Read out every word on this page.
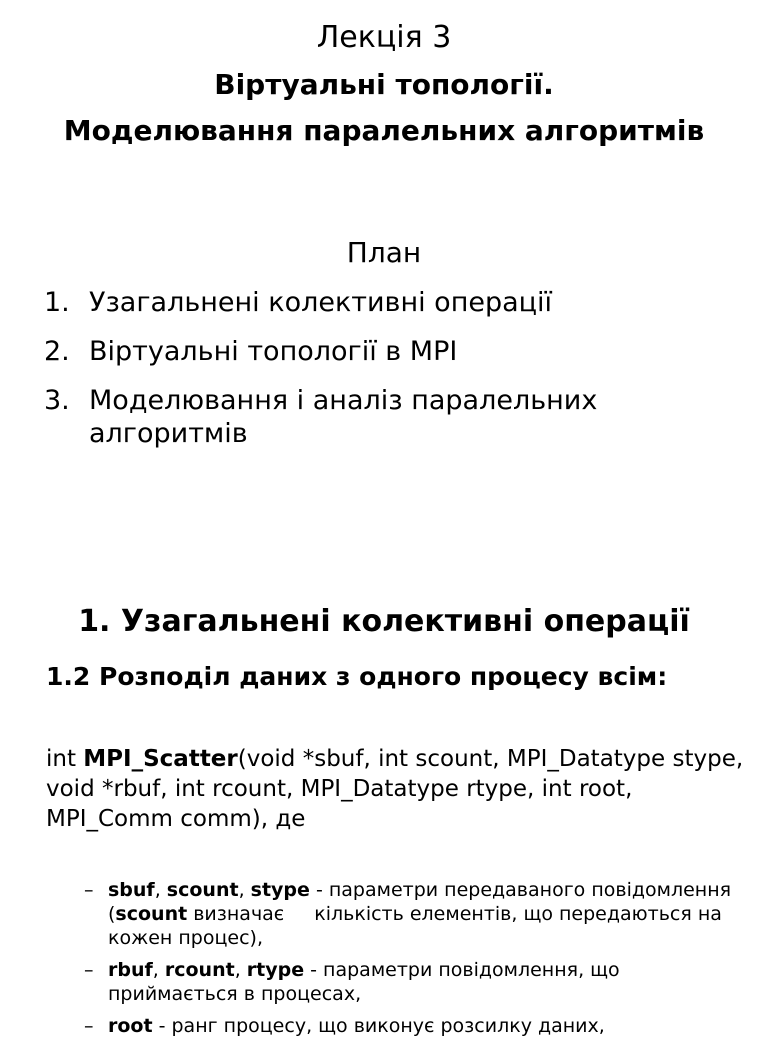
Лекція 3
Віртуальні топології.
Моделювання паралельних алгоритмів
План
1. Узагальнені колективні операції
2. Віртуальні топології в MPI
3. Моделювання і аналіз паралельних алгоритмів
1. Узагальнені колективні операції
1.2 Розподіл даних з одного процесу всім:
int MPI_Scatter(void *sbuf, int scount, MPI_Datatype stype, void *rbuf, int rcount, MPI_Datatype rtype, int root, MPI_Comm comm), де
– sbuf, scount, stype - параметри передаваного повідомлення (scount визначає кількість елементів, що передаються на кожен процес),
– rbuf, rcount, rtype - параметри повідомлення, що приймається в процесах,
– root - ранг процесу, що виконує розсилку даних,
